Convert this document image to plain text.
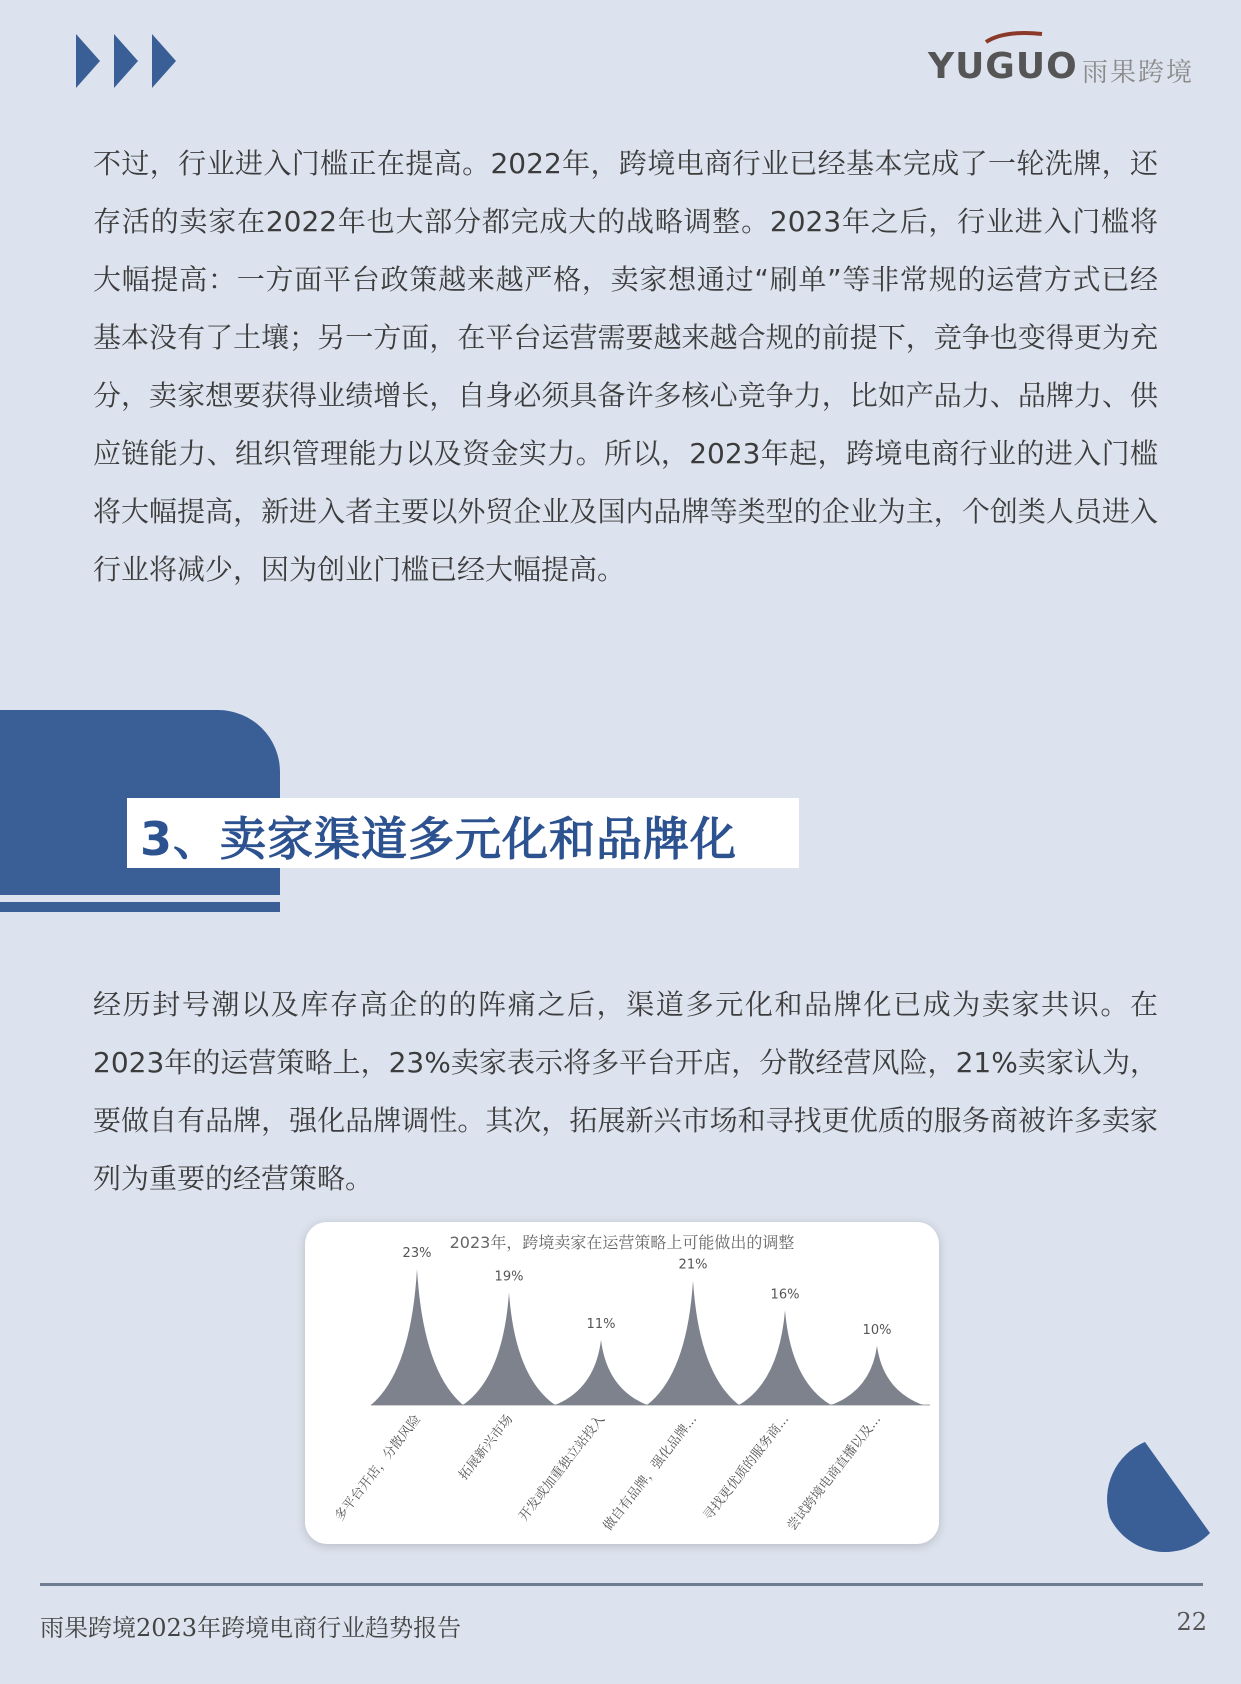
YUGUO 雨果跨境

不过，行业进入门槛正在提高。2022年，跨境电商行业已经基本完成了一轮洗牌，还存活的卖家在2022年也大部分都完成大的战略调整。2023年之后，行业进入门槛将大幅提高：一方面平台政策越来越严格，卖家想通过“刷单”等非常规的运营方式已经基本没有了土壤；另一方面，在平台运营需要越来越合规的前提下，竞争也变得更为充分，卖家想要获得业绩增长，自身必须具备许多核心竞争力，比如产品力、品牌力、供应链能力、组织管理能力以及资金实力。所以，2023年起，跨境电商行业的进入门槛将大幅提高，新进入者主要以外贸企业及国内品牌等类型的企业为主，个创类人员进入行业将减少，因为创业门槛已经大幅提高。

3、卖家渠道多元化和品牌化

经历封号潮以及库存高企的的阵痛之后，渠道多元化和品牌化已成为卖家共识。在2023年的运营策略上，23%卖家表示将多平台开店，分散经营风险，21%卖家认为，要做自有品牌，强化品牌调性。其次，拓展新兴市场和寻找更优质的服务商被许多卖家列为重要的经营策略。

2023年，跨境卖家在运营策略上可能做出的调整
23%
多平台开店，分散风险
19%
拓展新兴市场
11%
开发或加重独立站投入
21%
做自有品牌，强化品牌...
16%
寻找更优质的服务商...
10%
尝试跨境电商直播以及...
雨果跨境2023年跨境电商行业趋势报告	22
